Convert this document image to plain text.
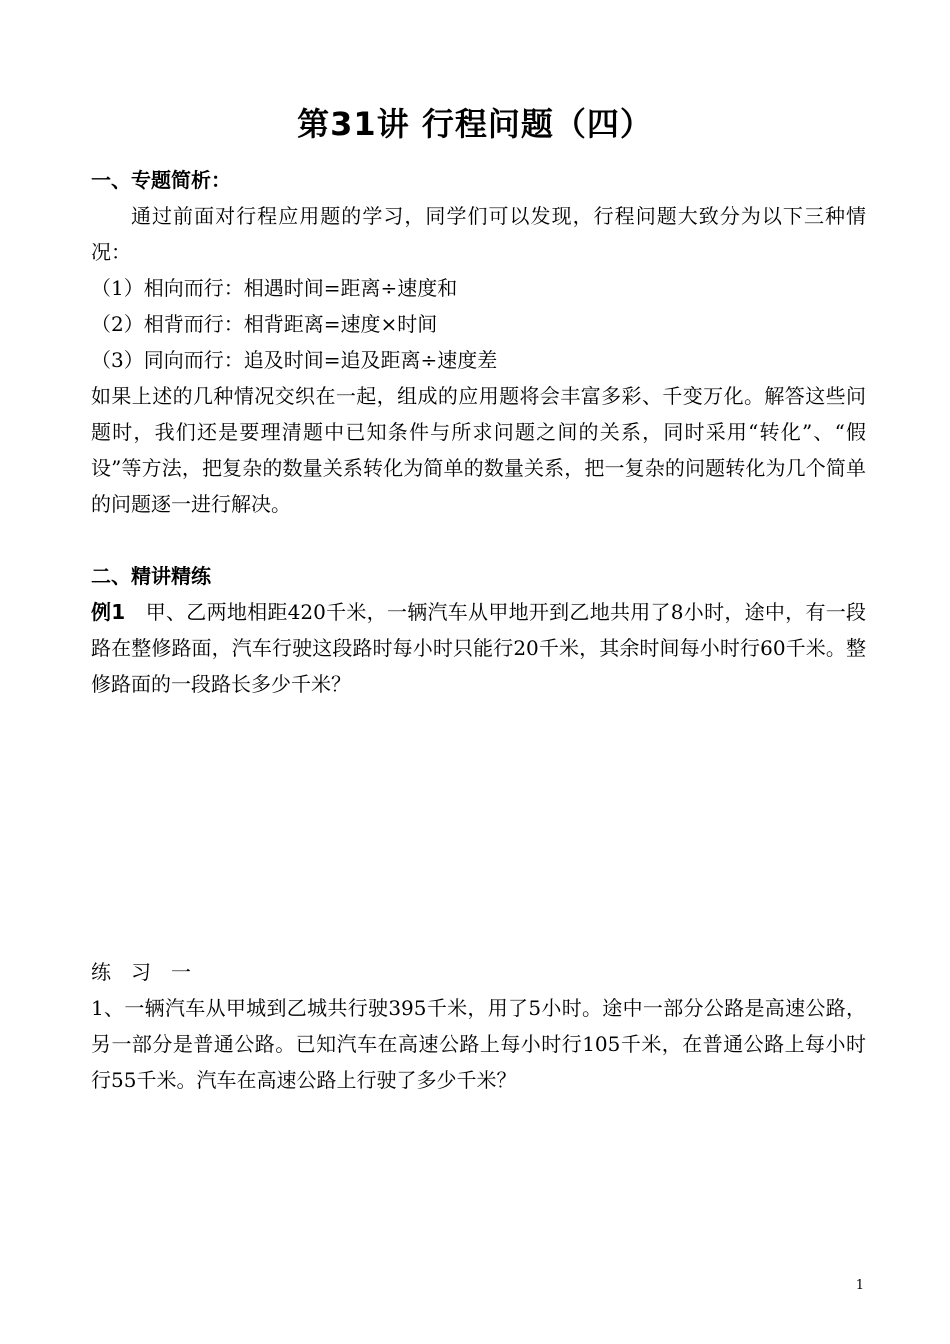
第31讲 行程问题（四）
一、专题简析：

通过前面对行程应用题的学习，同学们可以发现，行程问题大致分为以下三种情况：

（1）相向而行：相遇时间=距离÷速度和

（2）相背而行：相背距离=速度×时间

（3）同向而行：追及时间=追及距离÷速度差

如果上述的几种情况交织在一起，组成的应用题将会丰富多彩、千变万化。解答这些问题时，我们还是要理清题中已知条件与所求问题之间的关系，同时采用“转化”、“假设”等方法，把复杂的数量关系转化为简单的数量关系，把一复杂的问题转化为几个简单的问题逐一进行解决。

二、精讲精练

例1　甲、乙两地相距420千米，一辆汽车从甲地开到乙地共用了8小时，途中，有一段路在整修路面，汽车行驶这段路时每小时只能行20千米，其余时间每小时行60千米。整修路面的一段路长多少千米？

练习一

1、一辆汽车从甲城到乙城共行驶395千米，用了5小时。途中一部分公路是高速公路，另一部分是普通公路。已知汽车在高速公路上每小时行105千米，在普通公路上每小时行55千米。汽车在高速公路上行驶了多少千米？

1
